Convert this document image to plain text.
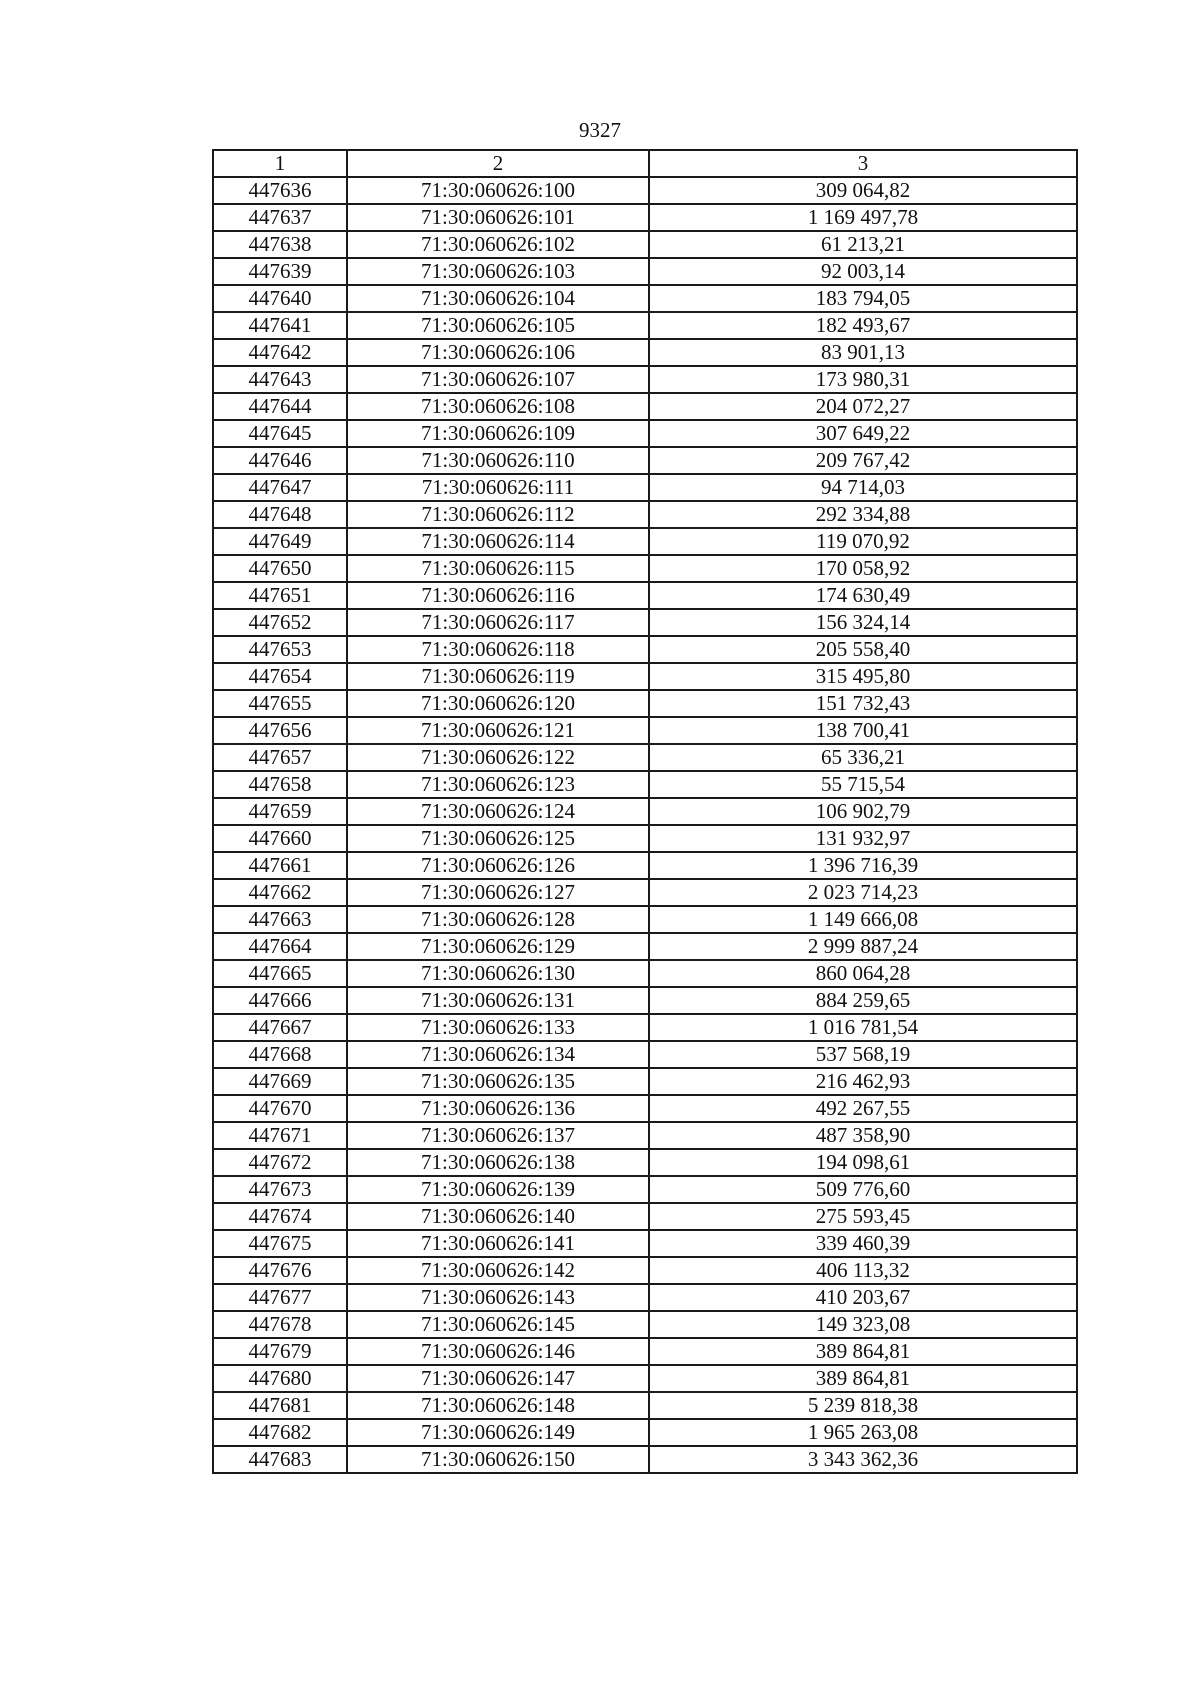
9327
1	2	3
447636	71:30:060626:100	309 064,82
447637	71:30:060626:101	1 169 497,78
447638	71:30:060626:102	61 213,21
447639	71:30:060626:103	92 003,14
447640	71:30:060626:104	183 794,05
447641	71:30:060626:105	182 493,67
447642	71:30:060626:106	83 901,13
447643	71:30:060626:107	173 980,31
447644	71:30:060626:108	204 072,27
447645	71:30:060626:109	307 649,22
447646	71:30:060626:110	209 767,42
447647	71:30:060626:111	94 714,03
447648	71:30:060626:112	292 334,88
447649	71:30:060626:114	119 070,92
447650	71:30:060626:115	170 058,92
447651	71:30:060626:116	174 630,49
447652	71:30:060626:117	156 324,14
447653	71:30:060626:118	205 558,40
447654	71:30:060626:119	315 495,80
447655	71:30:060626:120	151 732,43
447656	71:30:060626:121	138 700,41
447657	71:30:060626:122	65 336,21
447658	71:30:060626:123	55 715,54
447659	71:30:060626:124	106 902,79
447660	71:30:060626:125	131 932,97
447661	71:30:060626:126	1 396 716,39
447662	71:30:060626:127	2 023 714,23
447663	71:30:060626:128	1 149 666,08
447664	71:30:060626:129	2 999 887,24
447665	71:30:060626:130	860 064,28
447666	71:30:060626:131	884 259,65
447667	71:30:060626:133	1 016 781,54
447668	71:30:060626:134	537 568,19
447669	71:30:060626:135	216 462,93
447670	71:30:060626:136	492 267,55
447671	71:30:060626:137	487 358,90
447672	71:30:060626:138	194 098,61
447673	71:30:060626:139	509 776,60
447674	71:30:060626:140	275 593,45
447675	71:30:060626:141	339 460,39
447676	71:30:060626:142	406 113,32
447677	71:30:060626:143	410 203,67
447678	71:30:060626:145	149 323,08
447679	71:30:060626:146	389 864,81
447680	71:30:060626:147	389 864,81
447681	71:30:060626:148	5 239 818,38
447682	71:30:060626:149	1 965 263,08
447683	71:30:060626:150	3 343 362,36
